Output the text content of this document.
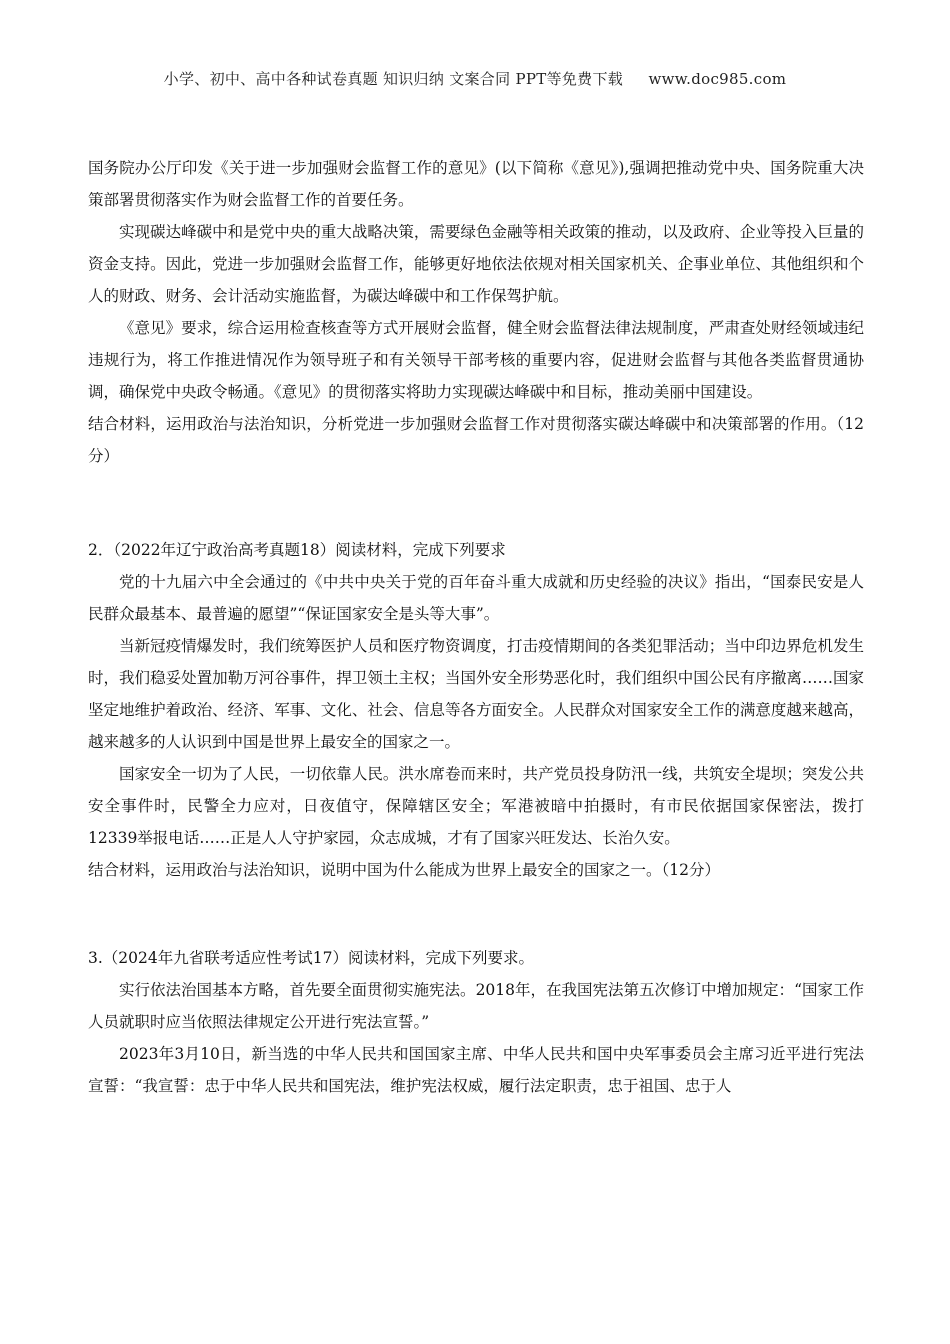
小学、初中、高中各种试卷真题 知识归纳 文案合同 PPT等免费下载 　 www.doc985.com

国务院办公厅印发《关于进一步加强财会监督工作的意见》(以下简称《意见》),强调把推动党中央、国务院重大决策部署贯彻落实作为财会监督工作的首要任务。

实现碳达峰碳中和是党中央的重大战略决策，需要绿色金融等相关政策的推动，以及政府、企业等投入巨量的资金支持。因此，党进一步加强财会监督工作，能够更好地依法依规对相关国家机关、企事业单位、其他组织和个人的财政、财务、会计活动实施监督，为碳达峰碳中和工作保驾护航。

《意见》要求，综合运用检查核查等方式开展财会监督，健全财会监督法律法规制度，严肃查处财经领域违纪违规行为，将工作推进情况作为领导班子和有关领导干部考核的重要内容，促进财会监督与其他各类监督贯通协调，确保党中央政令畅通。《意见》的贯彻落实将助力实现碳达峰碳中和目标，推动美丽中国建设。

结合材料，运用政治与法治知识，分析党进一步加强财会监督工作对贯彻落实碳达峰碳中和决策部署的作用。（12分）

2．（2022年辽宁政治高考真题18）阅读材料，完成下列要求

党的十九届六中全会通过的《中共中央关于党的百年奋斗重大成就和历史经验的决议》指出，“国泰民安是人民群众最基本、最普遍的愿望”“保证国家安全是头等大事”。

当新冠疫情爆发时，我们统筹医护人员和医疗物资调度，打击疫情期间的各类犯罪活动；当中印边界危机发生时，我们稳妥处置加勒万河谷事件，捍卫领土主权；当国外安全形势恶化时，我们组织中国公民有序撤离……国家坚定地维护着政治、经济、军事、文化、社会、信息等各方面安全。人民群众对国家安全工作的满意度越来越高，越来越多的人认识到中国是世界上最安全的国家之一。

国家安全一切为了人民，一切依靠人民。洪水席卷而来时，共产党员投身防汛一线，共筑安全堤坝；突发公共安全事件时，民警全力应对，日夜值守，保障辖区安全；军港被暗中拍摄时，有市民依据国家保密法，拨打12339举报电话……正是人人守护家园，众志成城，才有了国家兴旺发达、长治久安。

结合材料，运用政治与法治知识，说明中国为什么能成为世界上最安全的国家之一。（12分）

3.（2024年九省联考适应性考试17）阅读材料，完成下列要求。

实行依法治国基本方略，首先要全面贯彻实施宪法。2018年，在我国宪法第五次修订中增加规定：“国家工作人员就职时应当依照法律规定公开进行宪法宣誓。”

2023年3月10日，新当选的中华人民共和国国家主席、中华人民共和国中央军事委员会主席习近平进行宪法宣誓：“我宣誓：忠于中华人民共和国宪法，维护宪法权威，履行法定职责，忠于祖国、忠于人
